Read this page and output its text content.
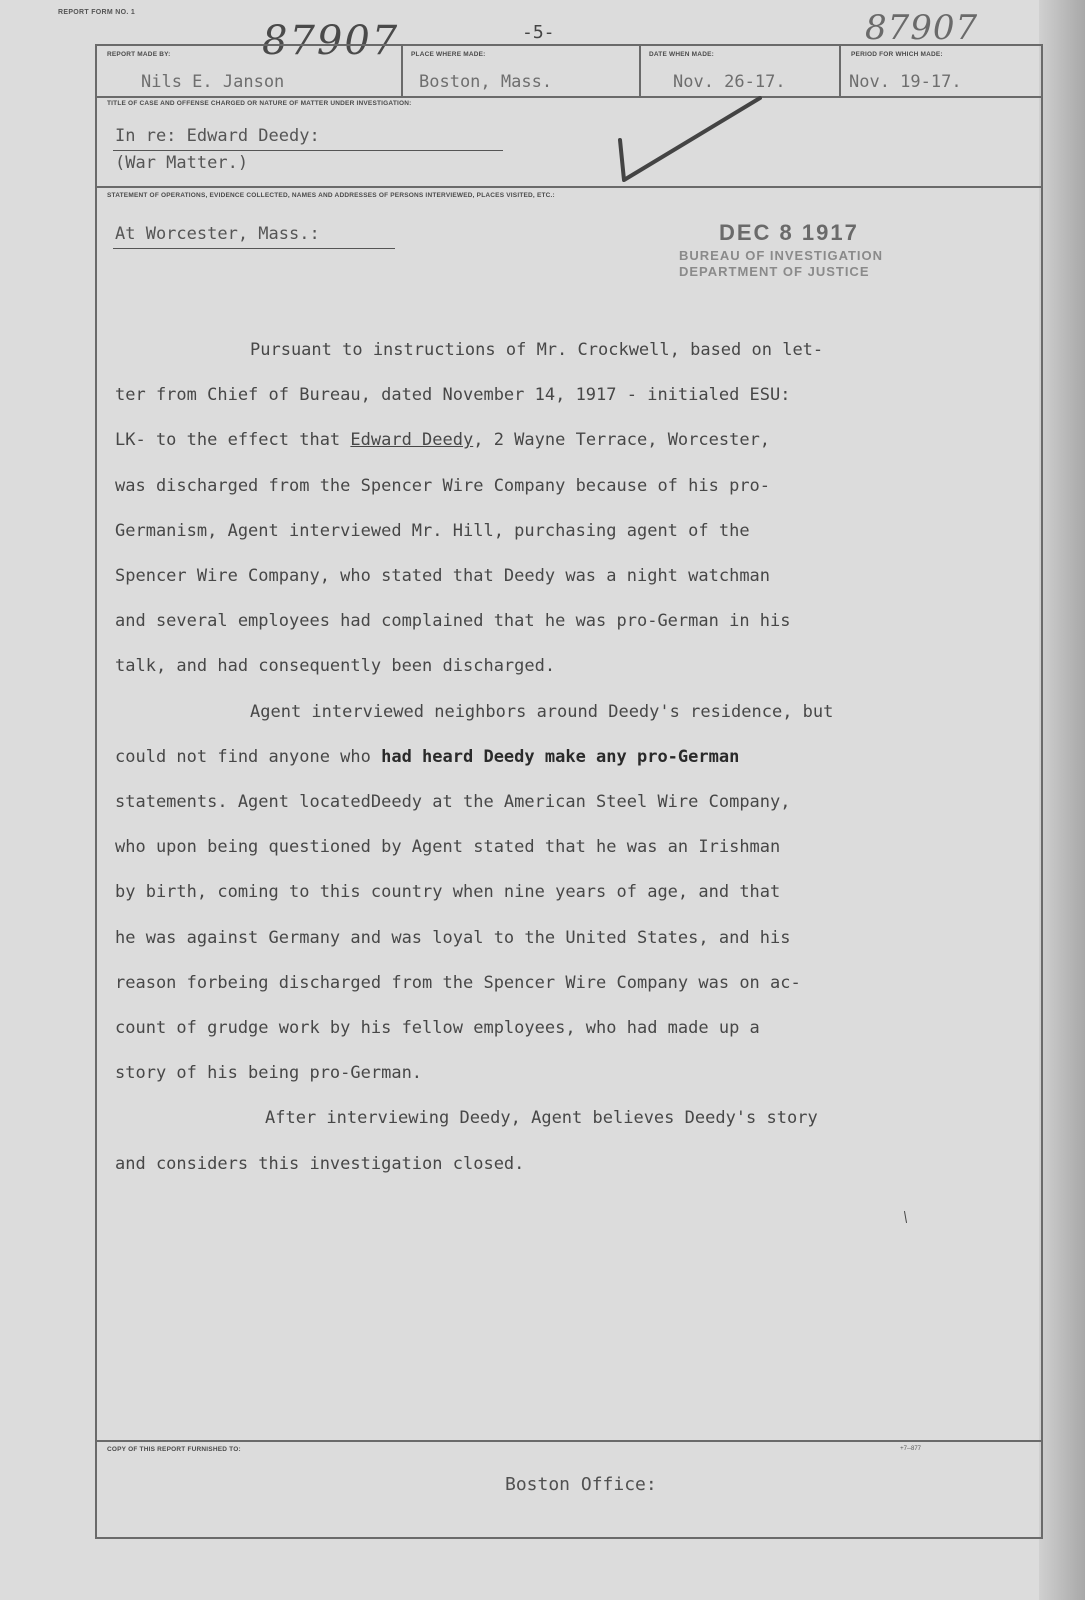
REPORT FORM NO. 1
-5-
87907	87907
REPORT MADE BY:
Nils E. Janson
PLACE WHERE MADE:
Boston, Mass.
DATE WHEN MADE:
Nov. 26-17.
PERIOD FOR WHICH MADE:
Nov. 19-17.
TITLE OF CASE AND OFFENSE CHARGED OR NATURE OF MATTER UNDER INVESTIGATION:
In re: Edward Deedy:
(War Matter.)
STATEMENT OF OPERATIONS, EVIDENCE COLLECTED, NAMES AND ADDRESSES OF PERSONS INTERVIEWED, PLACES VISITED, ETC.:
At Worcester, Mass.:	DEC 8 1917
BUREAU OF INVESTIGATION
DEPARTMENT OF JUSTICE

Pursuant to instructions of Mr. Crockwell, based on let-

ter from Chief of Bureau, dated November 14, 1917 - initialed ESU:

LK- to the effect that Edward Deedy, 2 Wayne Terrace, Worcester,

was discharged from the Spencer Wire Company because of his pro-

Germanism, Agent interviewed Mr. Hill, purchasing agent of the

Spencer Wire Company, who stated that Deedy was a night watchman

and several employees had complained that he was pro-German in his

talk, and had consequently been discharged.

Agent interviewed neighbors around Deedy's residence, but

could not find anyone who had heard Deedy make any pro-German

statements. Agent locatedDeedy at the American Steel Wire Company,

who upon being questioned by Agent stated that he was an Irishman

by birth, coming to this country when nine years of age, and that

he was against Germany and was loyal to the United States, and his

reason forbeing discharged from the Spencer Wire Company was on ac-

count of grudge work by his fellow employees, who had made up a

story of his being pro-German.

After interviewing Deedy, Agent believes Deedy's story

and considers this investigation closed.

COPY OF THIS REPORT FURNISHED TO:	+7--877
Boston Office:
